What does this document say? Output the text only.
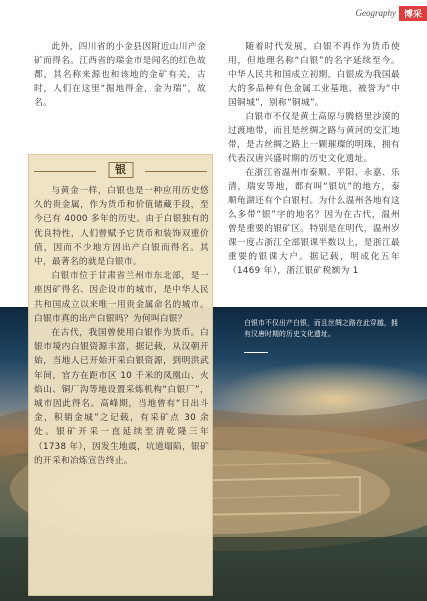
Geography 博采

此外，四川省的小金县因附近山川产金矿而得名。江西省的瑞金市是闻名的红色故都，其名称来源也和该地的金矿有关，古时，人们在这里“掘地得金，金为瑞”，故名。

白银市不仅出产白银，而且丝绸之路在此穿越，拥有汉唐时期的历史文化遗址。
银

与黄金一样，白银也是一种应用历史悠久的贵金属，作为货币和价值储藏手段，至今已有 4000 多年的历史。由于白银独有的优良特性，人们曾赋予它货币和装饰双重价值，因而不少地方因出产白银而得名。其中，最著名的就是白银市。

白银市位于甘肃省兰州市东北部，是一座因矿得名、因企设市的城市，是中华人民共和国成立以来唯一用贵金属命名的城市。白银市真的出产白银吗？为何叫白银？

在古代，我国曾使用白银作为货币。白银市境内白银资源丰富，据记载，从汉朝开始，当地人已开始开采白银资源，到明洪武年间，官方在距市区 10 千米的凤凰山、火焰山、铜厂沟等地设置采炼机构“白银厂”，城市因此得名。高峰期，当地曾有“日出斗金，积销金城”之记载，有采矿点 30 余处。银矿开采一直延续至清乾隆三年（1738 年），因发生地震，坑道塌陷，银矿的开采和冶炼宣告终止。

随着时代发展，白银不再作为货币使用，但地理名称“白银”的名字延续至今。中华人民共和国成立初期，白银成为我国最大的多品种有色金属工业基地，被誉为“中国铜城”，别称“铜城”。

白银市不仅是黄土高原与腾格里沙漠的过渡地带，而且是丝绸之路与黄河的交汇地带，是古丝绸之路上一颗璀璨的明珠，拥有代表汉唐兴盛时期的历史文化遗址。

在浙江省温州市泰顺、平阳、永嘉、乐清，瑞安等地，都有叫“银坑”的地方，泰顺龟湖还有个白银村。为什么温州各地有这么多带“银”字的地名？因为在古代，温州曾是重要的银矿区。特别是在明代，温州岁课一度占浙江全部银课半数以上，是浙江最重要的银课大户。据记载，明成化五年（1469 年），浙江银矿税额为 1
